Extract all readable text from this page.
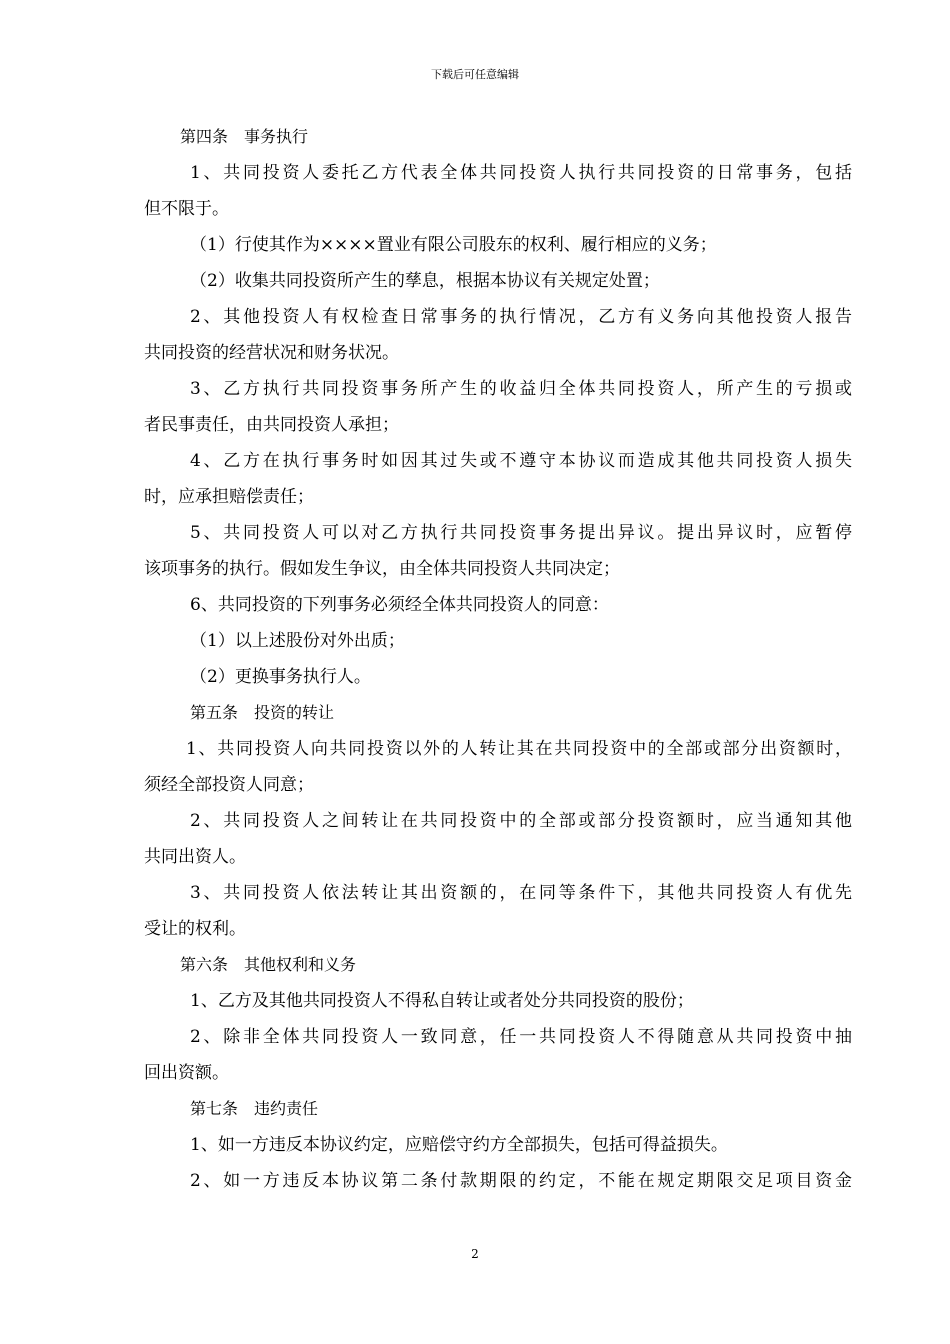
下载后可任意编辑
第四条　事务执行
1、共同投资人委托乙方代表全体共同投资人执行共同投资的日常事务，包括
但不限于。
（1）行使其作为××××置业有限公司股东的权利、履行相应的义务；
（2）收集共同投资所产生的孳息，根据本协议有关规定处置；
2、其他投资人有权检查日常事务的执行情况，乙方有义务向其他投资人报告
共同投资的经营状况和财务状况。
3、乙方执行共同投资事务所产生的收益归全体共同投资人，所产生的亏损或
者民事责任，由共同投资人承担；
4、乙方在执行事务时如因其过失或不遵守本协议而造成其他共同投资人损失
时，应承担赔偿责任；
5、共同投资人可以对乙方执行共同投资事务提出异议。提出异议时，应暂停
该项事务的执行。假如发生争议，由全体共同投资人共同决定；
6、共同投资的下列事务必须经全体共同投资人的同意：
（1）以上述股份对外出质；
（2）更换事务执行人。
第五条　投资的转让
1、共同投资人向共同投资以外的人转让其在共同投资中的全部或部分出资额时，
须经全部投资人同意；
2、共同投资人之间转让在共同投资中的全部或部分投资额时，应当通知其他
共同出资人。
3、共同投资人依法转让其出资额的，在同等条件下，其他共同投资人有优先
受让的权利。
第六条　其他权利和义务
1、乙方及其他共同投资人不得私自转让或者处分共同投资的股份；
2、除非全体共同投资人一致同意，任一共同投资人不得随意从共同投资中抽
回出资额。
第七条　违约责任
1、如一方违反本协议约定，应赔偿守约方全部损失，包括可得益损失。
2、如一方违反本协议第二条付款期限的约定，不能在规定期限交足项目资金
2
